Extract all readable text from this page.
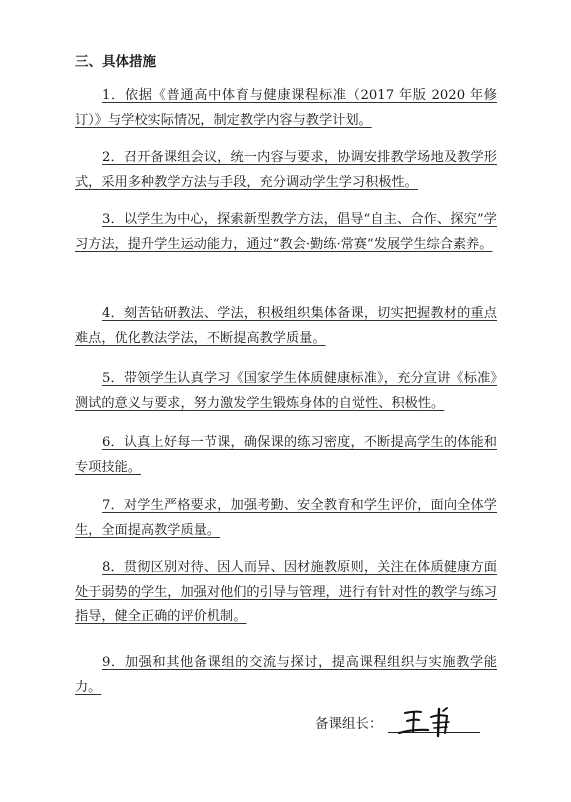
三、具体措施

1．依据《普通高中体育与健康课程标准（2017 年版 2020 年修订）》与学校实际情况，制定教学内容与教学计划。

2．召开备课组会议，统一内容与要求，协调安排教学场地及教学形式，采用多种教学方法与手段，充分调动学生学习积极性。

3．以学生为中心，探索新型教学方法，倡导“自主、合作、探究”学习方法，提升学生运动能力，通过“教会·勤练·常赛”发展学生综合素养。

4．刻苦钻研教法、学法，积极组织集体备课，切实把握教材的重点难点，优化教法学法，不断提高教学质量。

5．带领学生认真学习《国家学生体质健康标准》，充分宣讲《标准》测试的意义与要求，努力激发学生锻炼身体的自觉性、积极性。

6．认真上好每一节课，确保课的练习密度，不断提高学生的体能和专项技能。

7．对学生严格要求，加强考勤、安全教育和学生评价，面向全体学生，全面提高教学质量。

8．贯彻区别对待、因人而异、因材施教原则，关注在体质健康方面处于弱势的学生，加强对他们的引导与管理，进行有针对性的教学与练习指导，健全正确的评价机制。

9．加强和其他备课组的交流与探讨，提高课程组织与实施教学能力。

备课组长：
